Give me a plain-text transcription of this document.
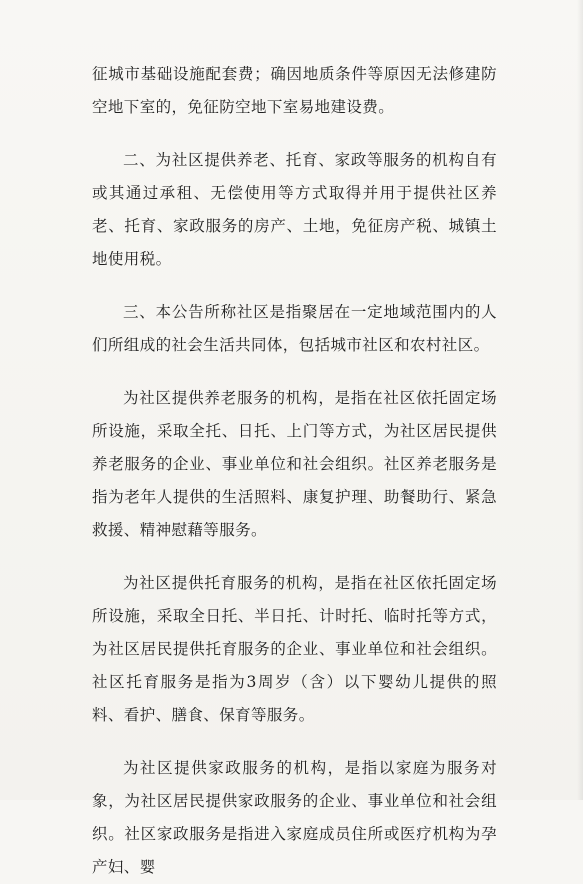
征城市基础设施配套费；确因地质条件等原因无法修建防空地下室的，免征防空地下室易地建设费。

二、为社区提供养老、托育、家政等服务的机构自有或其通过承租、无偿使用等方式取得并用于提供社区养老、托育、家政服务的房产、土地，免征房产税、城镇土地使用税。

三、本公告所称社区是指聚居在一定地域范围内的人们所组成的社会生活共同体，包括城市社区和农村社区。

为社区提供养老服务的机构，是指在社区依托固定场所设施，采取全托、日托、上门等方式，为社区居民提供养老服务的企业、事业单位和社会组织。社区养老服务是指为老年人提供的生活照料、康复护理、助餐助行、紧急救援、精神慰藉等服务。

为社区提供托育服务的机构，是指在社区依托固定场所设施，采取全日托、半日托、计时托、临时托等方式，为社区居民提供托育服务的企业、事业单位和社会组织。社区托育服务是指为3周岁（含）以下婴幼儿提供的照料、看护、膳食、保育等服务。

为社区提供家政服务的机构，是指以家庭为服务对象，为社区居民提供家政服务的企业、事业单位和社会组织。社区家政服务是指进入家庭成员住所或医疗机构为孕产妇、婴
